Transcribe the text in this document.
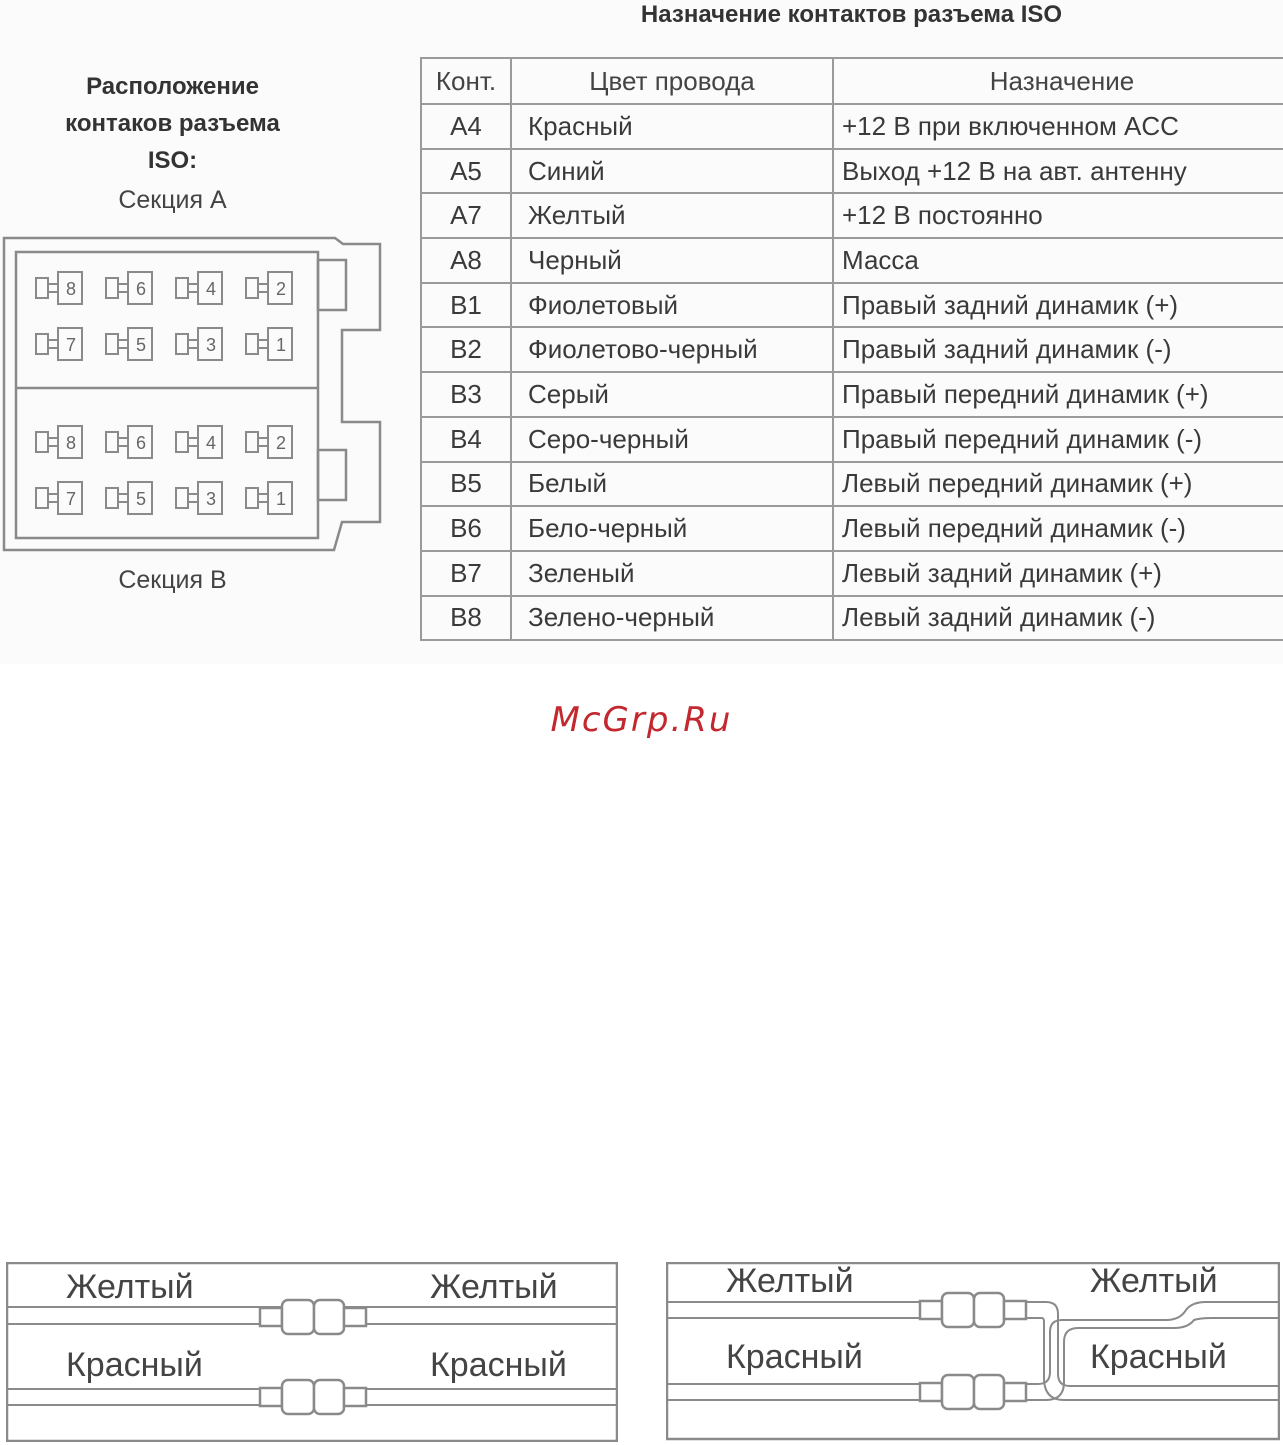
Расположение контаков разъема ISO:
Секция A
8	6	4	2
7	5	3	1
8	6	4	2
7	5	3	1
Секция B
Назначение контактов разъема ISO
Конт.	Цвет провода	Назначение
A4	Красный	+12 В при включенном ACC
A5	Синий	Выход +12 В на авт. антенну
A7	Желтый	+12 В постоянно
A8	Черный	Масса
B1	Фиолетовый	Правый задний динамик (+)
B2	Фиолетово-черный	Правый задний динамик (-)
B3	Серый	Правый передний динамик (+)
B4	Серо-черный	Правый передний динамик (-)
B5	Белый	Левый передний динамик (+)
B6	Бело-черный	Левый передний динамик (-)
B7	Зеленый	Левый задний динамик (+)
B8	Зелено-черный	Левый задний динамик (-)
McGrp.Ru
Желтый	Желтый
Красный	Красный
Желтый	Желтый
Красный	Красный
